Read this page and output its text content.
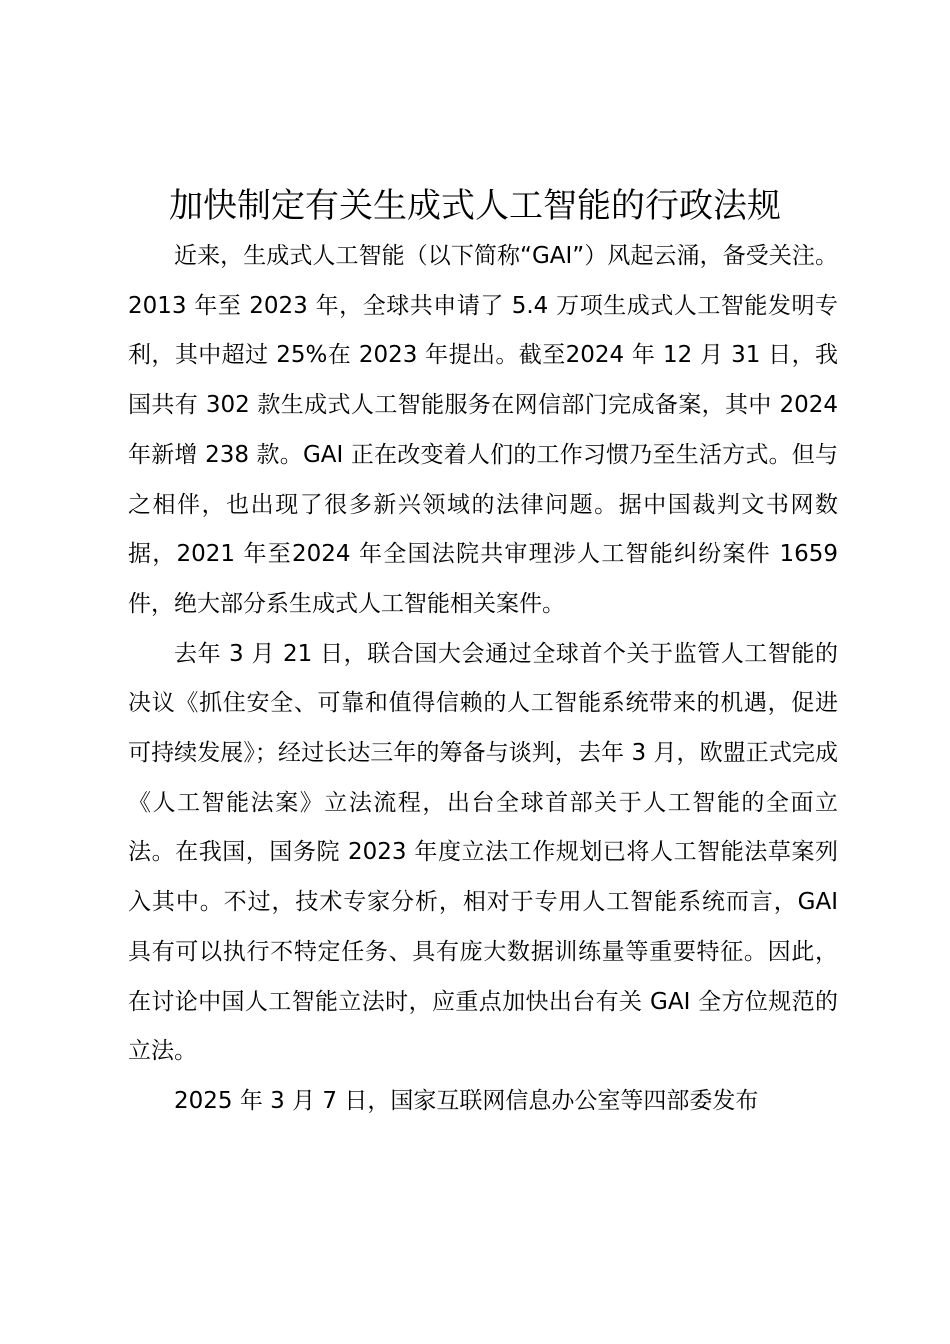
加快制定有关生成式人工智能的行政法规

近来，生成式人工智能（以下简称“GAI”）风起云涌，备受关注。2013 年至 2023 年，全球共申请了 5.4 万项生成式人工智能发明专利，其中超过 25%在 2023 年提出。截至2024 年 12 月 31 日，我国共有 302 款生成式人工智能服务在网信部门完成备案，其中 2024 年新增 238 款。GAI 正在改变着人们的工作习惯乃至生活方式。但与之相伴，也出现了很多新兴领域的法律问题。据中国裁判文书网数据，2021 年至2024 年全国法院共审理涉人工智能纠纷案件 1659 件，绝大部分系生成式人工智能相关案件。

去年 3 月 21 日，联合国大会通过全球首个关于监管人工智能的决议《抓住安全、可靠和值得信赖的人工智能系统带来的机遇，促进可持续发展》；经过长达三年的筹备与谈判，去年 3 月，欧盟正式完成《人工智能法案》立法流程，出台全球首部关于人工智能的全面立法。在我国，国务院 2023 年度立法工作规划已将人工智能法草案列入其中。不过，技术专家分析，相对于专用人工智能系统而言，GAI 具有可以执行不特定任务、具有庞大数据训练量等重要特征。因此，在讨论中国人工智能立法时，应重点加快出台有关 GAI 全方位规范的立法。

2025 年 3 月 7 日，国家互联网信息办公室等四部委发布
